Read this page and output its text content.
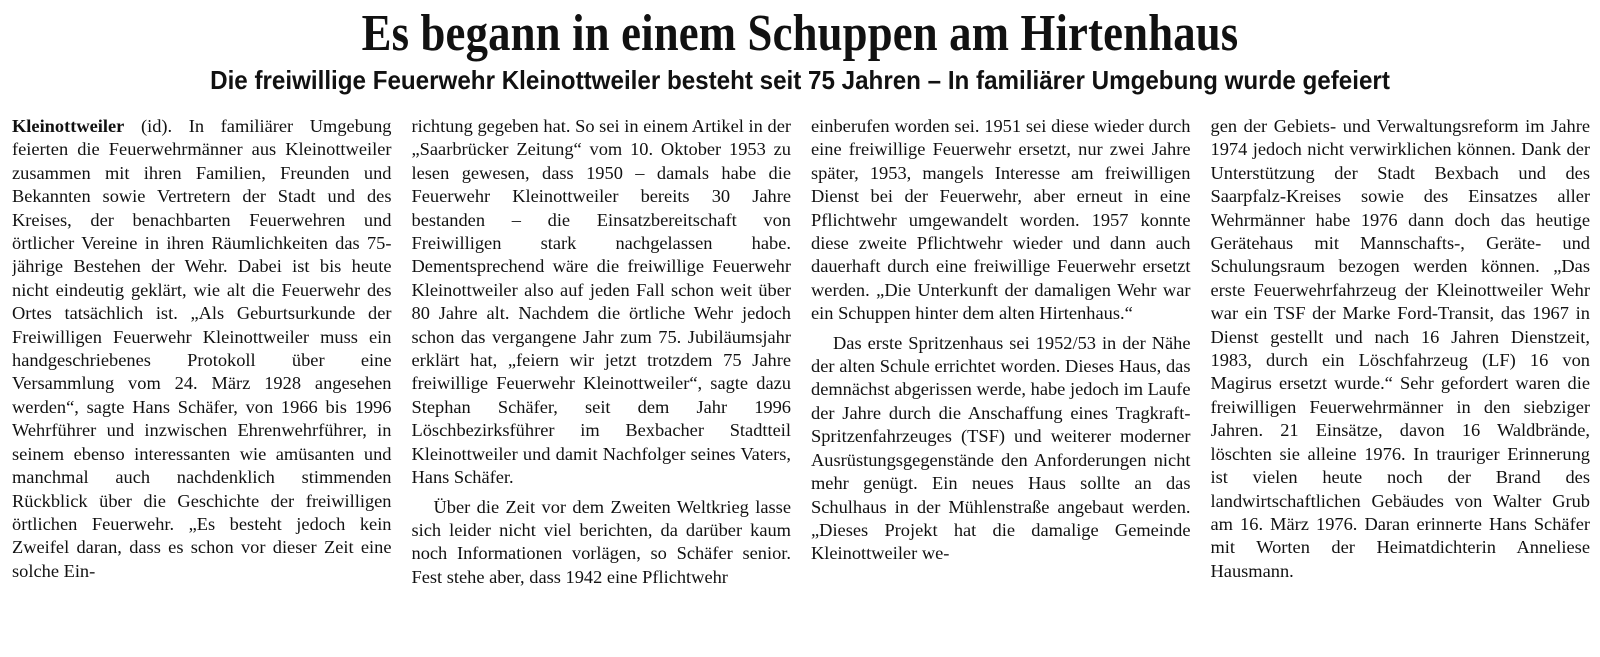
Es begann in einem Schuppen am Hirtenhaus
Die freiwillige Feuerwehr Kleinottweiler besteht seit 75 Jahren – In familiärer Umgebung wurde gefeiert

Kleinottweiler (id). In familiärer Umgebung feierten die Feuerwehrmänner aus Kleinottweiler zusammen mit ihren Familien, Freunden und Bekannten sowie Vertretern der Stadt und des Kreises, der benachbarten Feuerwehren und örtlicher Vereine in ihren Räumlichkeiten das 75-jährige Bestehen der Wehr. Dabei ist bis heute nicht eindeutig geklärt, wie alt die Feuerwehr des Ortes tatsächlich ist. „Als Geburtsurkunde der Freiwilligen Feuerwehr Kleinottweiler muss ein handgeschriebenes Protokoll über eine Versammlung vom 24. März 1928 angesehen werden“, sagte Hans Schäfer, von 1966 bis 1996 Wehrführer und inzwischen Ehrenwehrführer, in seinem ebenso interessanten wie amüsanten und manchmal auch nachdenklich stimmenden Rückblick über die Geschichte der freiwilligen örtlichen Feuerwehr. „Es besteht jedoch kein Zweifel daran, dass es schon vor dieser Zeit eine solche Ein-

richtung gegeben hat. So sei in einem Artikel in der „Saarbrücker Zeitung“ vom 10. Oktober 1953 zu lesen gewesen, dass 1950 – damals habe die Feuerwehr Kleinottweiler bereits 30 Jahre bestanden – die Einsatzbereitschaft von Freiwilligen stark nachgelassen habe. Dementsprechend wäre die freiwillige Feuerwehr Kleinottweiler also auf jeden Fall schon weit über 80 Jahre alt. Nachdem die örtliche Wehr jedoch schon das vergangene Jahr zum 75. Jubiläumsjahr erklärt hat, „feiern wir jetzt trotzdem 75 Jahre freiwillige Feuerwehr Kleinottweiler“, sagte dazu Stephan Schäfer, seit dem Jahr 1996 Löschbezirksführer im Bexbacher Stadtteil Kleinottweiler und damit Nachfolger seines Vaters, Hans Schäfer.

Über die Zeit vor dem Zweiten Weltkrieg lasse sich leider nicht viel berichten, da darüber kaum noch Informationen vorlägen, so Schäfer senior. Fest stehe aber, dass 1942 eine Pflichtwehr

einberufen worden sei. 1951 sei diese wieder durch eine freiwillige Feuerwehr ersetzt, nur zwei Jahre später, 1953, mangels Interesse am freiwilligen Dienst bei der Feuerwehr, aber erneut in eine Pflichtwehr umgewandelt worden. 1957 konnte diese zweite Pflichtwehr wieder und dann auch dauerhaft durch eine freiwillige Feuerwehr ersetzt werden. „Die Unterkunft der damaligen Wehr war ein Schuppen hinter dem alten Hirtenhaus.“

Das erste Spritzenhaus sei 1952/53 in der Nähe der alten Schule errichtet worden. Dieses Haus, das demnächst abgerissen werde, habe jedoch im Laufe der Jahre durch die Anschaffung eines Tragkraft-Spritzenfahrzeuges (TSF) und weiterer moderner Ausrüstungsgegenstände den Anforderungen nicht mehr genügt. Ein neues Haus sollte an das Schulhaus in der Mühlenstraße angebaut werden. „Dieses Projekt hat die damalige Gemeinde Kleinottweiler we-

gen der Gebiets- und Verwaltungsreform im Jahre 1974 jedoch nicht verwirklichen können. Dank der Unterstützung der Stadt Bexbach und des Saarpfalz-Kreises sowie des Einsatzes aller Wehrmänner habe 1976 dann doch das heutige Gerätehaus mit Mannschafts-, Geräte- und Schulungsraum bezogen werden können. „Das erste Feuerwehrfahrzeug der Kleinottweiler Wehr war ein TSF der Marke Ford-Transit, das 1967 in Dienst gestellt und nach 16 Jahren Dienstzeit, 1983, durch ein Löschfahrzeug (LF) 16 von Magirus ersetzt wurde.“ Sehr gefordert waren die freiwilligen Feuerwehrmänner in den siebziger Jahren. 21 Einsätze, davon 16 Waldbrände, löschten sie alleine 1976. In trauriger Erinnerung ist vielen heute noch der Brand des landwirtschaftlichen Gebäudes von Walter Grub am 16. März 1976. Daran erinnerte Hans Schäfer mit Worten der Heimatdichterin Anneliese Hausmann.
